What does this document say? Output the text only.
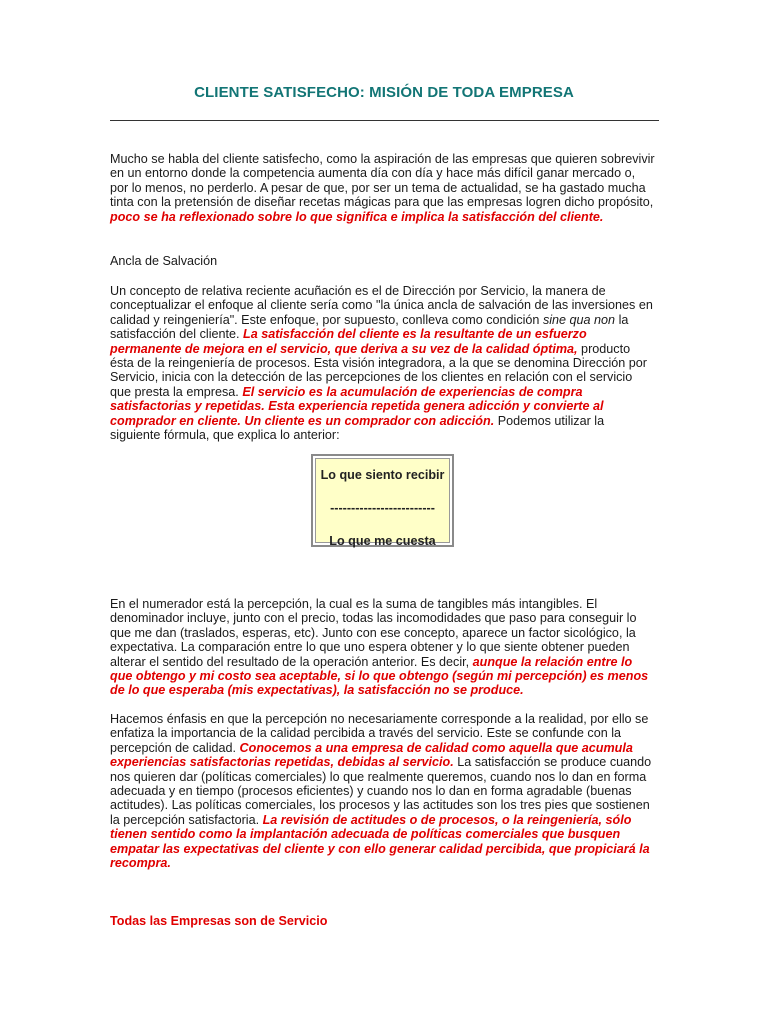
CLIENTE SATISFECHO: MISIÓN DE TODA EMPRESA
Mucho se habla del cliente satisfecho, como la aspiración de las empresas que quieren sobrevivir en un entorno donde la competencia aumenta día con día y hace más difícil ganar mercado o, por lo menos, no perderlo. A pesar de que, por ser un tema de actualidad, se ha gastado mucha tinta con la pretensión de diseñar recetas mágicas para que las empresas logren dicho propósito, poco se ha reflexionado sobre lo que significa e implica la satisfacción del cliente.
Ancla de Salvación
Un concepto de relativa reciente acuñación es el de Dirección por Servicio, la manera de conceptualizar el enfoque al cliente sería como "la única ancla de salvación de las inversiones en calidad y reingeniería". Este enfoque, por supuesto, conlleva como condición sine qua non la satisfacción del cliente. La satisfacción del cliente es la resultante de un esfuerzo permanente de mejora en el servicio, que deriva a su vez de la calidad óptima, producto ésta de la reingeniería de procesos. Esta visión integradora, a la que se denomina Dirección por Servicio, inicia con la detección de las percepciones de los clientes en relación con el servicio que presta la empresa. El servicio es la acumulación de experiencias de compra satisfactorias y repetidas. Esta experiencia repetida genera adicción y convierte al comprador en cliente. Un cliente es un comprador con adicción. Podemos utilizar la siguiente fórmula, que explica lo anterior:
Lo que siento recibir
-------------------------
Lo que me cuesta
En el numerador está la percepción, la cual es la suma de tangibles más intangibles. El denominador incluye, junto con el precio, todas las incomodidades que paso para conseguir lo que me dan (traslados, esperas, etc). Junto con ese concepto, aparece un factor sicológico, la expectativa. La comparación entre lo que uno espera obtener y lo que siente obtener pueden alterar el sentido del resultado de la operación anterior. Es decir, aunque la relación entre lo que obtengo y mi costo sea aceptable, si lo que obtengo (según mi percepción) es menos de lo que esperaba (mis expectativas), la satisfacción no se produce.
Hacemos énfasis en que la percepción no necesariamente corresponde a la realidad, por ello se enfatiza la importancia de la calidad percibida a través del servicio. Este se confunde con la percepción de calidad. Conocemos a una empresa de calidad como aquella que acumula experiencias satisfactorias repetidas, debidas al servicio. La satisfacción se produce cuando nos quieren dar (políticas comerciales) lo que realmente queremos, cuando nos lo dan en forma adecuada y en tiempo (procesos eficientes) y cuando nos lo dan en forma agradable (buenas actitudes). Las políticas comerciales, los procesos y las actitudes son los tres pies que sostienen la percepción satisfactoria. La revisión de actitudes o de procesos, o la reingeniería, sólo tienen sentido como la implantación adecuada de políticas comerciales que busquen empatar las expectativas del cliente y con ello generar calidad percibida, que propiciará la recompra.
Todas las Empresas son de Servicio
